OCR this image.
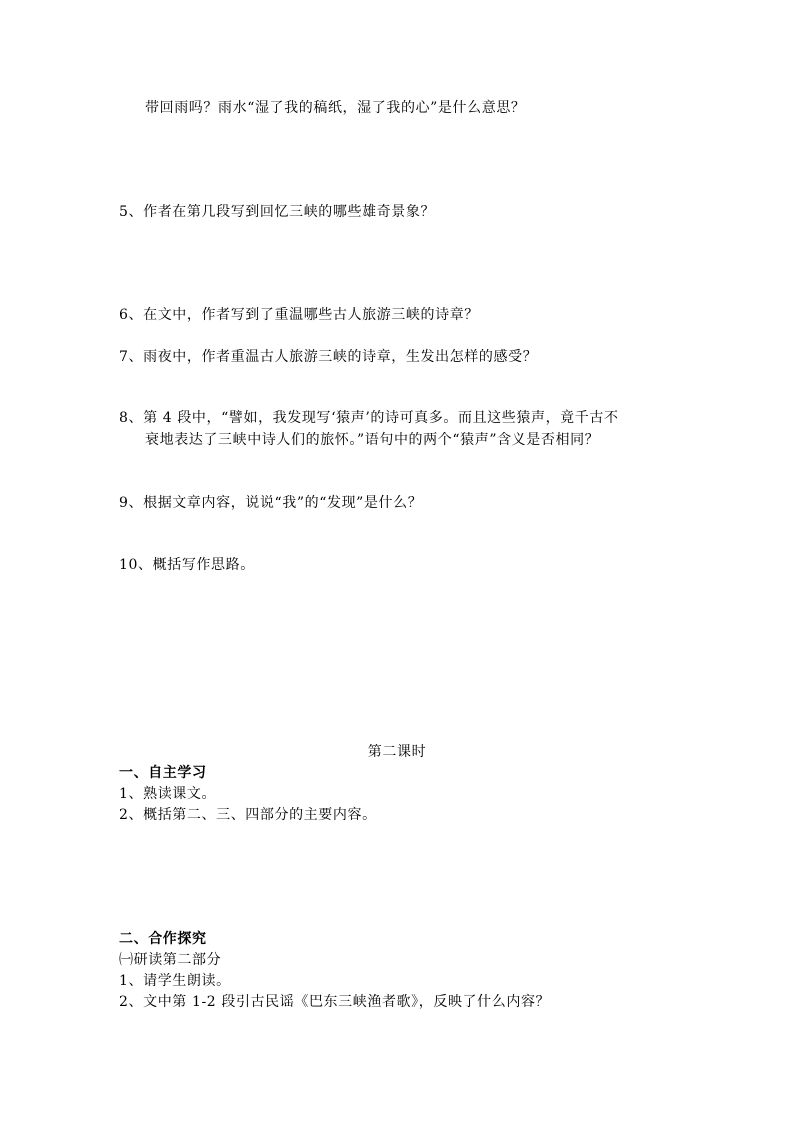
带回雨吗？雨水“湿了我的稿纸，湿了我的心”是什么意思？
5、作者在第几段写到回忆三峡的哪些雄奇景象？
6、在文中，作者写到了重温哪些古人旅游三峡的诗章？
7、雨夜中，作者重温古人旅游三峡的诗章，生发出怎样的感受？
8、第 4 段中，“譬如，我发现写‘猿声’的诗可真多。而且这些猿声，竟千古不
衰地表达了三峡中诗人们的旅怀。”语句中的两个“猿声”含义是否相同？
9、根据文章内容，说说“我”的“发现”是什么？
10、概括写作思路。
第二课时
一、自主学习
1、熟读课文。
2、概括第二、三、四部分的主要内容。
二、合作探究
㈠研读第二部分
1、请学生朗读。
2、文中第 1-2 段引古民谣《巴东三峡渔者歌》，反映了什么内容？
